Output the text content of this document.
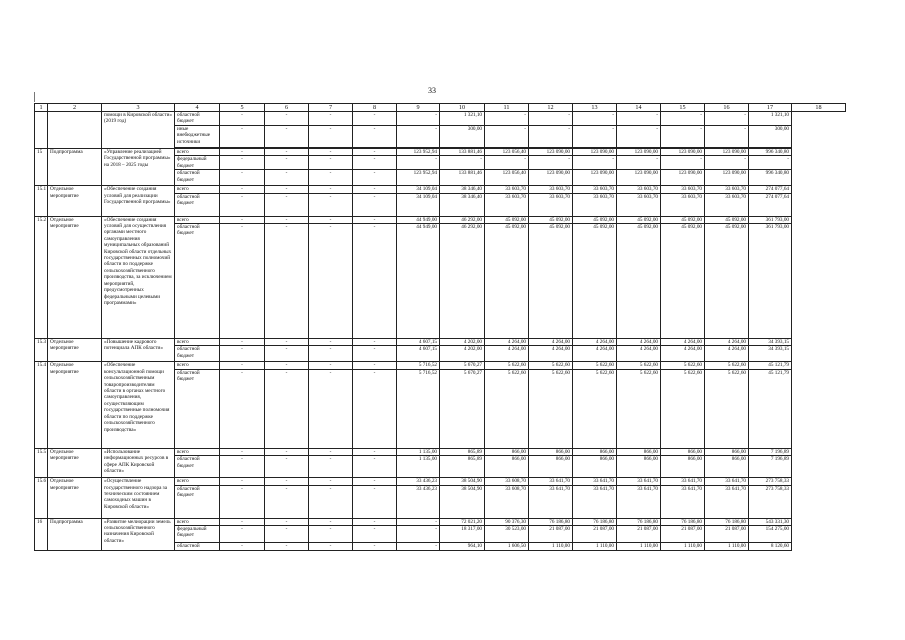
33
1	2	3	4	5	6	7	8	9	10	11	12	13	14	15	16	17	18
		помощи в Кировской области» (2019 год)	областной бюджет	-	-	-	-	-	1 321,10	-	-	-	-	-	-	1 321,10	
			иные внебюджетные источники	-	-	-	-	-	300,00	-	-	-	-	-	-	300,00	

15	Подпрограмма	«Управление реализацией Государственной программы» на 2018 – 2025 годы	всего	-	-	-	-	123 952,94	133 881,46	123 056,40	123 090,00	123 090,00	123 090,00	123 090,00	123 090,00	996 340,80	
			федеральный бюджет	-	-	-	-	-	-	-	-	-	-	-	-	-	
			областной бюджет	-	-	-	-	123 952,94	133 881,46	123 056,40	123 090,00	123 090,00	123 090,00	123 090,00	123 090,00	996 340,80	
15.1	Отдельное мероприятие	«Обеспечение создания условий для реализации Государственной программы»	всего	-	-	-	-	34 109,04	38 346,40	33 603,70	33 603,70	33 603,70	33 603,70	33 603,70	33 603,70	274 077,64	
			областной бюджет	-	-	-	-	34 109,04	38 346,40	33 603,70	33 603,70	33 603,70	33 603,70	33 603,70	33 603,70	274 077,64	
15.2	Отдельное мероприятие	«Обеспечение создания условий для осуществления органами местного самоуправления муниципальных образований Кировской области отдельных государственных полномочий области по поддержке сельскохозяйственного производства, за исключением мероприятий, предусмотренных федеральными целевыми программами»	всего	-	-	-	-	44 949,00	46 292,00	45 092,00	45 092,00	45 092,00	45 092,00	45 092,00	45 092,00	361 793,00	
			областной бюджет	-	-	-	-	44 949,00	46 292,00	45 092,00	45 092,00	45 092,00	45 092,00	45 092,00	45 092,00	361 793,00	
15.3	Отдельное мероприятие	«Повышение кадрового потенциала АПК области»	всего	-	-	-	-	4 607,15	4 202,00	4 264,00	4 264,00	4 264,00	4 264,00	4 264,00	4 264,00	34 393,15	
			областной бюджет	-	-	-	-	4 607,15	4 202,00	4 264,00	4 264,00	4 264,00	4 264,00	4 264,00	4 264,00	34 393,15	
15.4	Отдельное мероприятие	«Обеспечение консультационной помощи сельскохозяйственным товаропроизводителям области в органах местного самоуправления, осуществляющим государственные полномочия области по поддержке сельскохозяйственного производства»	всего	-	-	-	-	5 716,52	5 670,27	5 622,60	5 622,60	5 622,60	5 622,60	5 622,60	5 622,60	45 121,79	
			областной бюджет	-	-	-	-	5 716,52	5 670,27	5 622,60	5 622,60	5 622,60	5 622,60	5 622,60	5 622,60	45 121,79	
15.5	Отдельное мероприятие	«Использование информационных ресурсов в сфере АПК Кировской области»	всего	-	-	-	-	1 135,00	865,89	866,00	866,00	866,00	866,00	866,00	866,00	7 196,89	
			областной бюджет	-	-	-	-	1 135,00	865,89	866,00	866,00	866,00	866,00	866,00	866,00	7 196,89	
15.6	Отдельное мероприятие	«Осуществление государственного надзора за техническим состоянием самоходных машин в Кировской области»	всего	-	-	-	-	33 436,23	38 504,90	33 608,70	33 641,70	33 641,70	33 641,70	33 641,70	33 641,70	273 758,33	
			областной бюджет	-	-	-	-	33 436,23	38 504,90	33 608,70	33 641,70	33 641,70	33 641,70	33 641,70	33 641,70	273 758,33	
16	Подпрограмма	«Развитие мелиорации земель сельскохозяйственного назначения Кировской области»	всего	-	-	-	-	-	72 021,20	90 376,30	76 186,80	76 186,80	76 186,80	76 186,80	76 186,80	543 331,30	
			федеральный бюджет	-	-	-	-	-	18 317,00	30 523,00	21 087,00	21 087,00	21 087,00	21 087,00	21 087,00	154 275,00	
			областной	-	-	-	-	-	964,10	1 606,50	1 110,00	1 110,00	1 110,00	1 110,00	1 110,00	8 120,60	
